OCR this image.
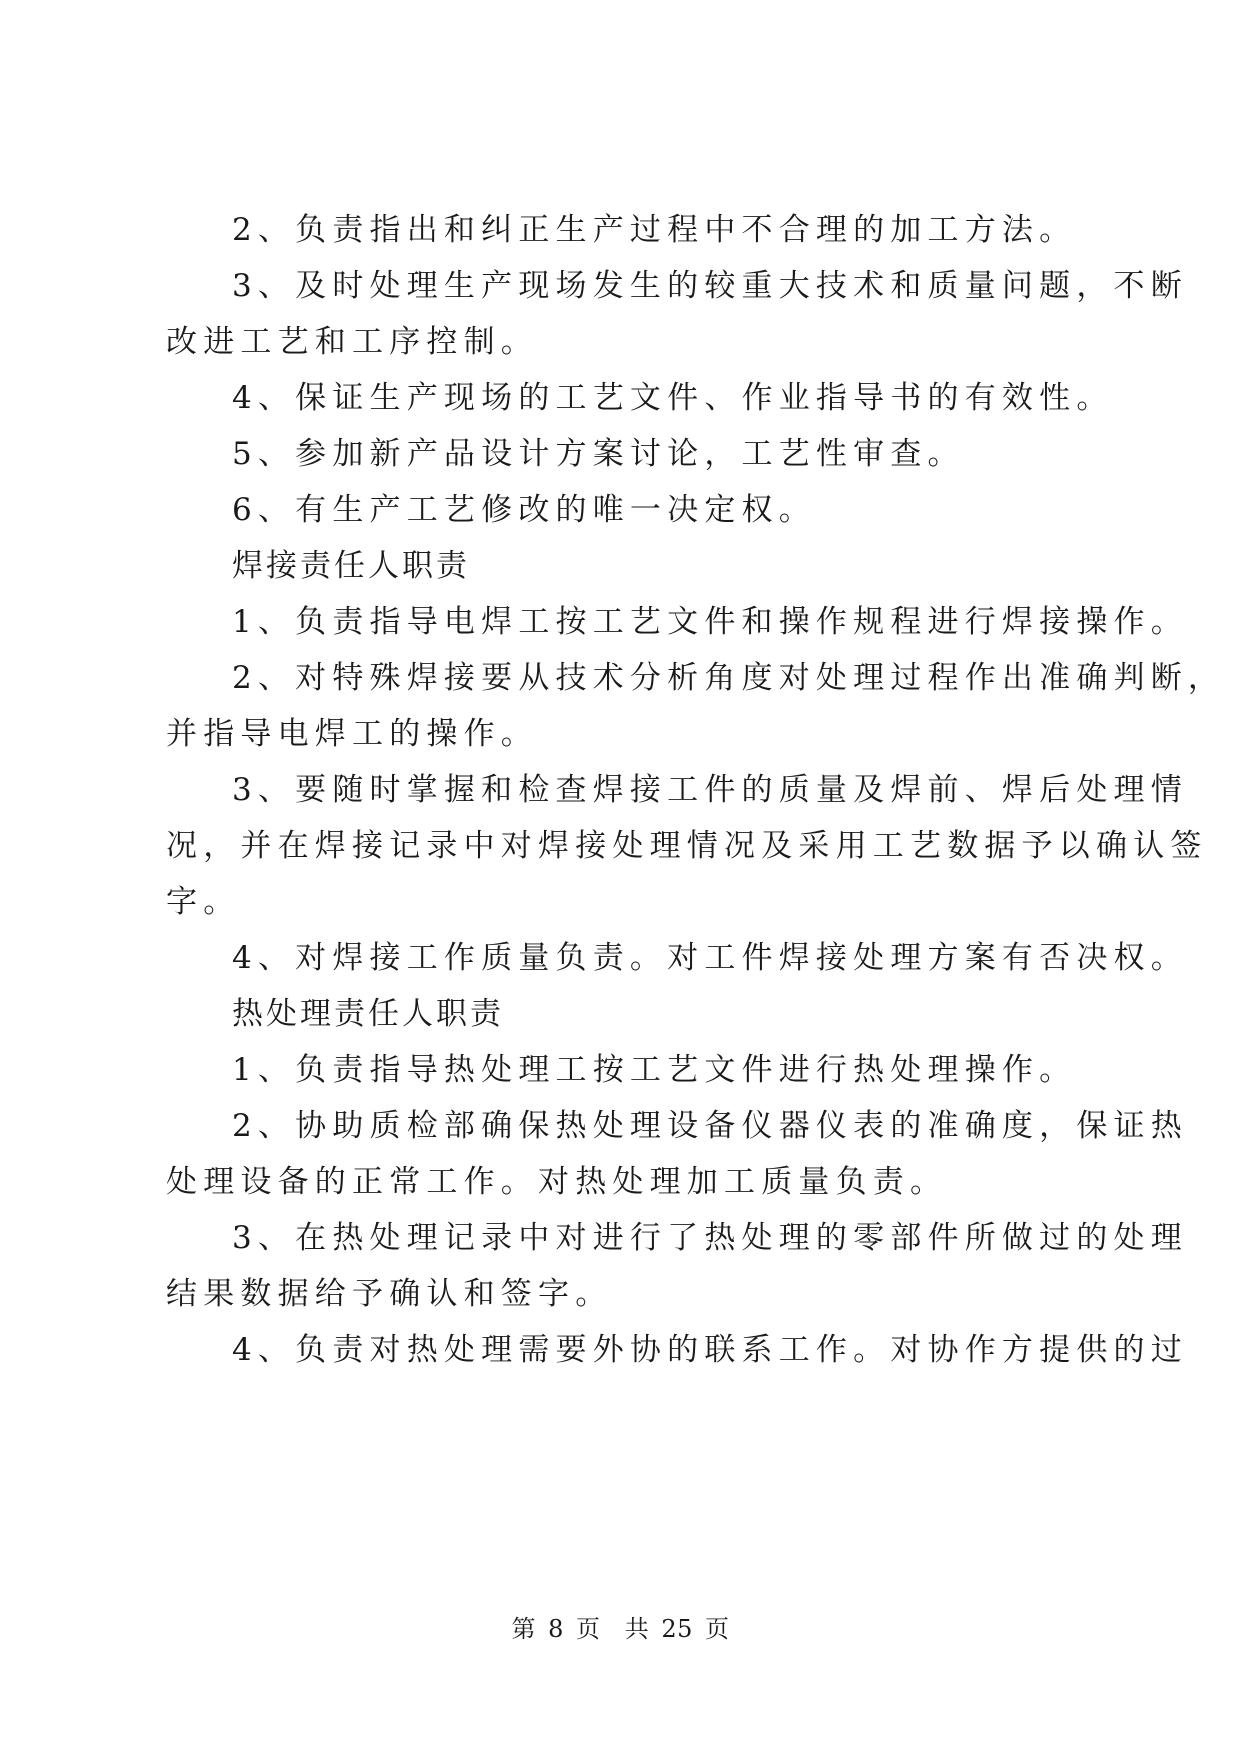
2、负责指出和纠正生产过程中不合理的加工方法。
3、及时处理生产现场发生的较重大技术和质量问题，不断
改进工艺和工序控制。
4、保证生产现场的工艺文件、作业指导书的有效性。
5、参加新产品设计方案讨论，工艺性审查。
6、有生产工艺修改的唯一决定权。
焊接责任人职责
1、负责指导电焊工按工艺文件和操作规程进行焊接操作。
2、对特殊焊接要从技术分析角度对处理过程作出准确判断，
并指导电焊工的操作。
3、要随时掌握和检查焊接工件的质量及焊前、焊后处理情
况，并在焊接记录中对焊接处理情况及采用工艺数据予以确认签
字。
4、对焊接工作质量负责。对工件焊接处理方案有否决权。
热处理责任人职责
1、负责指导热处理工按工艺文件进行热处理操作。
2、协助质检部确保热处理设备仪器仪表的准确度，保证热
处理设备的正常工作。对热处理加工质量负责。
3、在热处理记录中对进行了热处理的零部件所做过的处理
结果数据给予确认和签字。
4、负责对热处理需要外协的联系工作。对协作方提供的过
第 8 页 共 25 页
